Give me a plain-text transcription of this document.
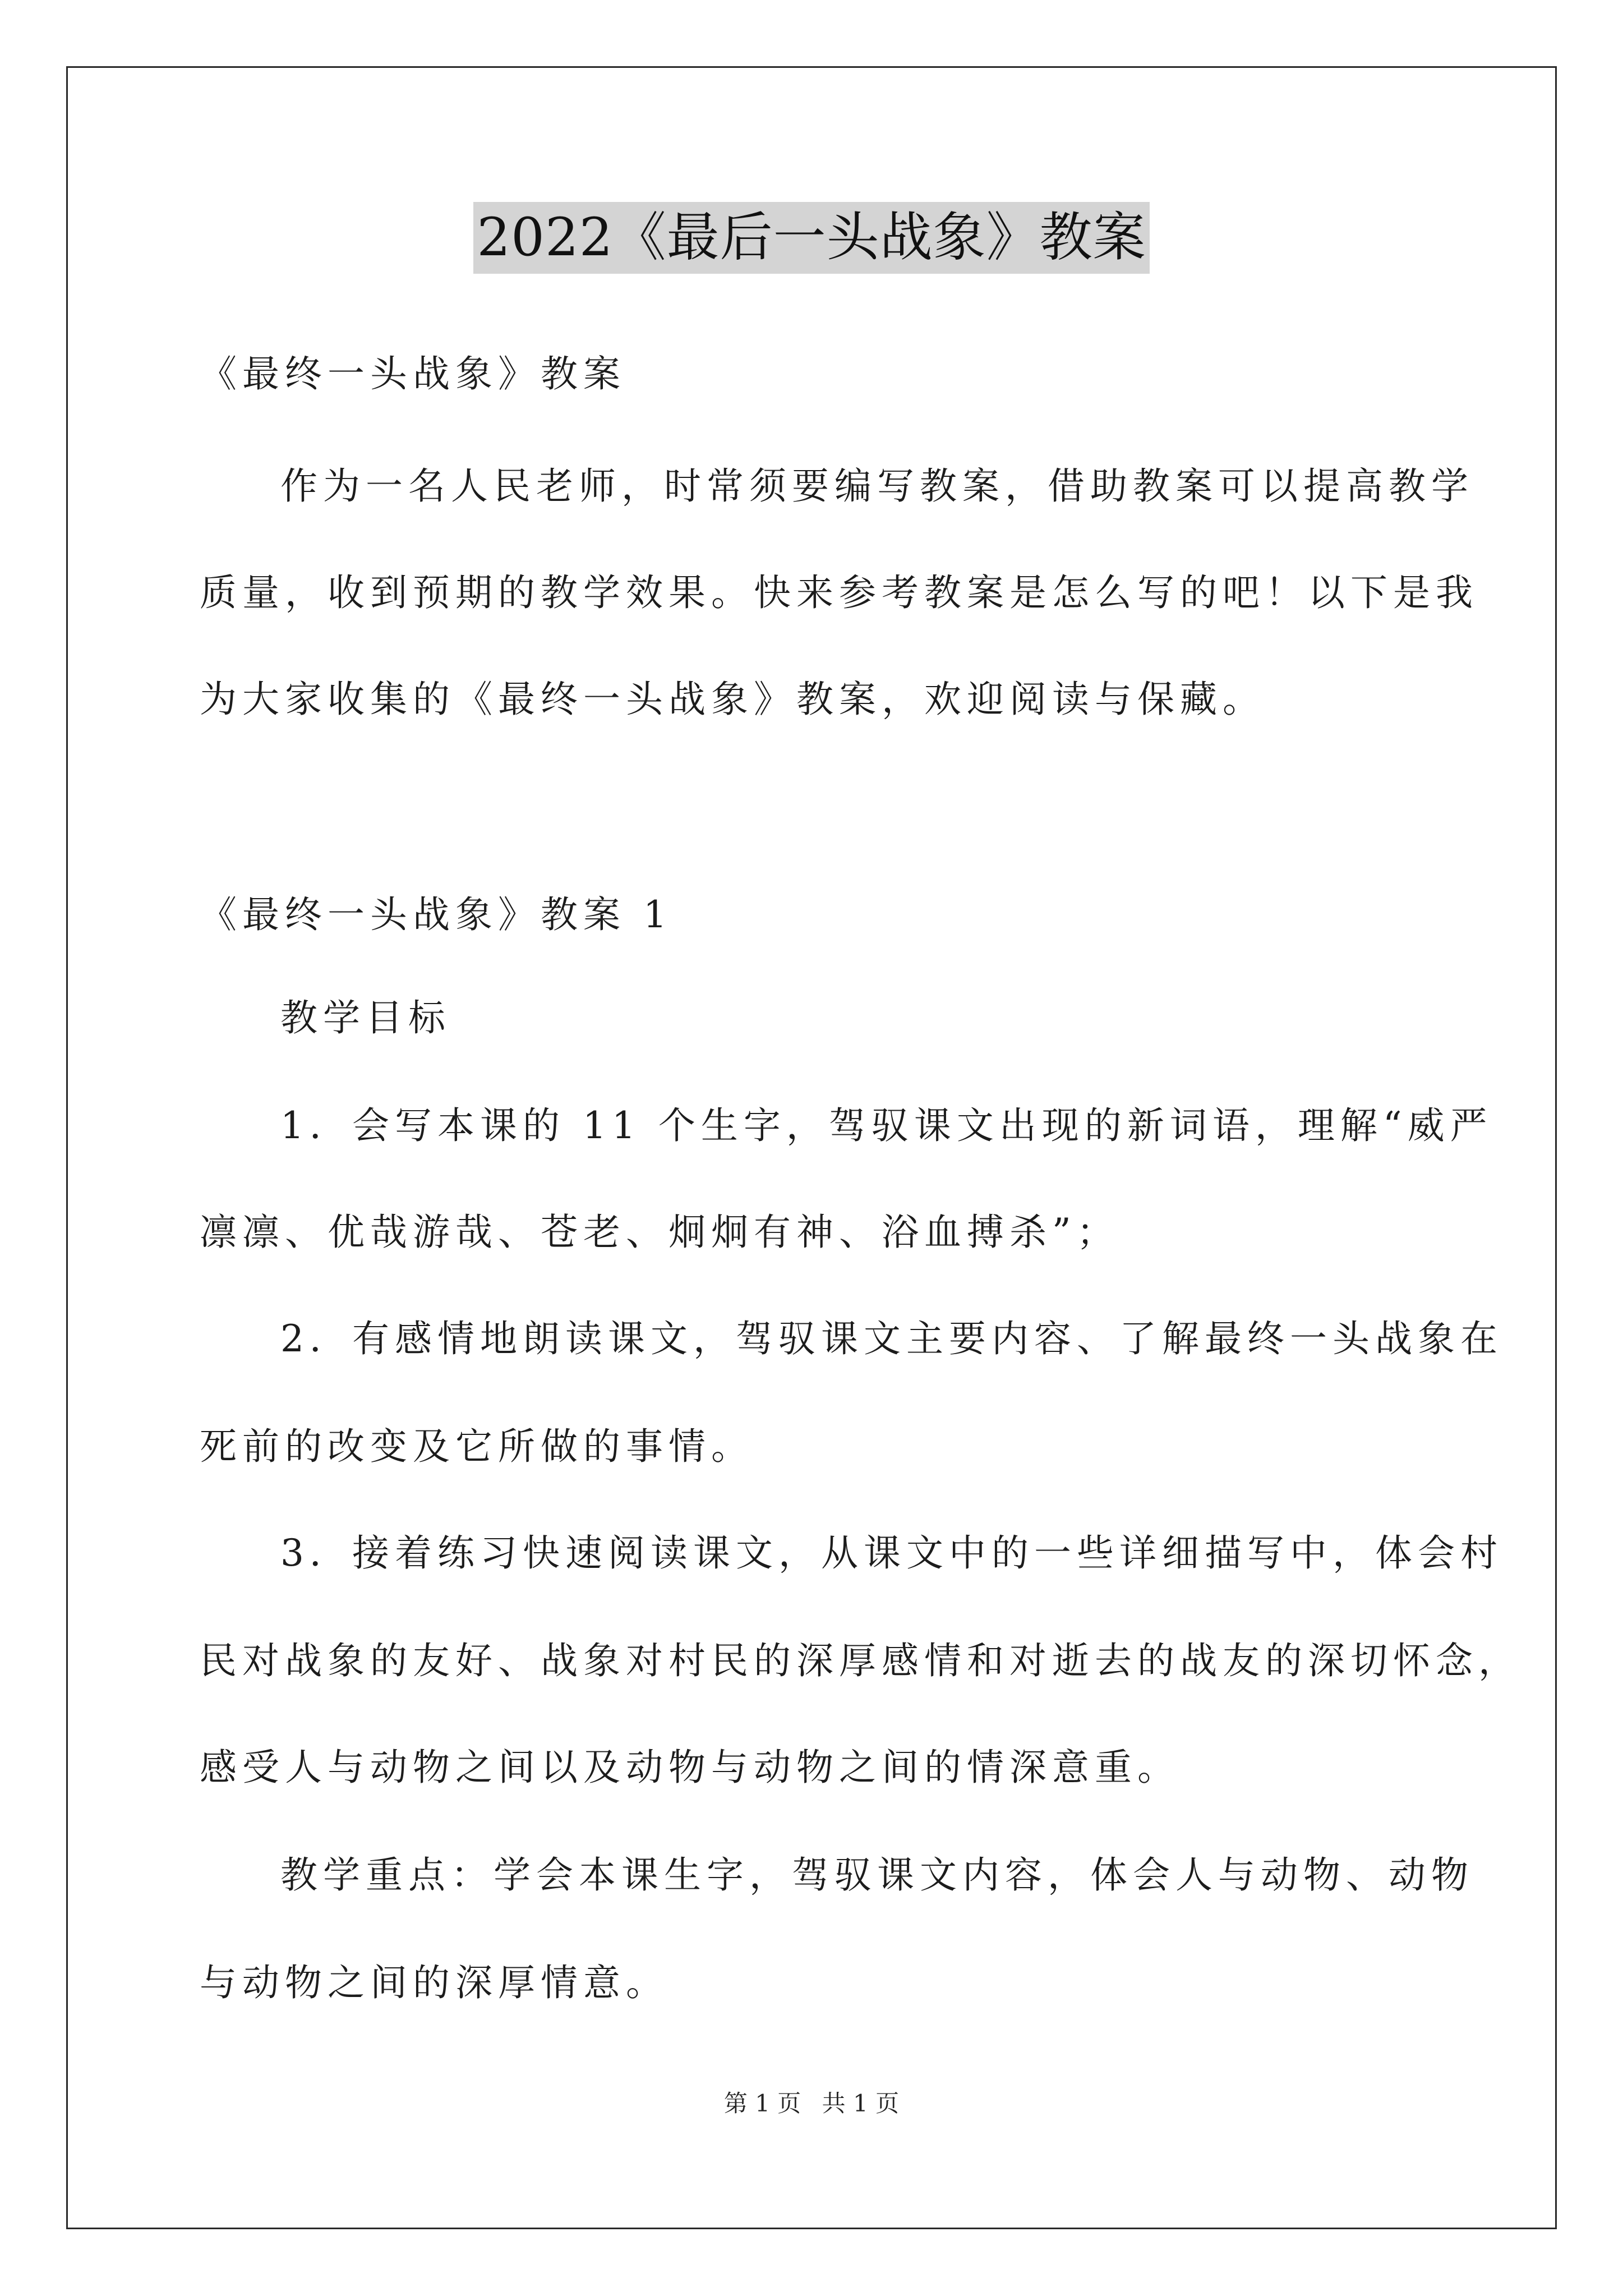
2022《最后一头战象》教案
《最终一头战象》教案
作为一名人民老师，时常须要编写教案，借助教案可以提高教学
质量，收到预期的教学效果。快来参考教案是怎么写的吧！以下是我
为大家收集的《最终一头战象》教案，欢迎阅读与保藏。
《最终一头战象》教案 1
教学目标
1．会写本课的 11 个生字，驾驭课文出现的新词语，理解“威严
凛凛、优哉游哉、苍老、炯炯有神、浴血搏杀”；
2．有感情地朗读课文，驾驭课文主要内容、了解最终一头战象在
死前的改变及它所做的事情。
3．接着练习快速阅读课文，从课文中的一些详细描写中，体会村
民对战象的友好、战象对村民的深厚感情和对逝去的战友的深切怀念，
感受人与动物之间以及动物与动物之间的情深意重。
教学重点：学会本课生字，驾驭课文内容，体会人与动物、动物
与动物之间的深厚情意。
第 1 页 共 1 页
